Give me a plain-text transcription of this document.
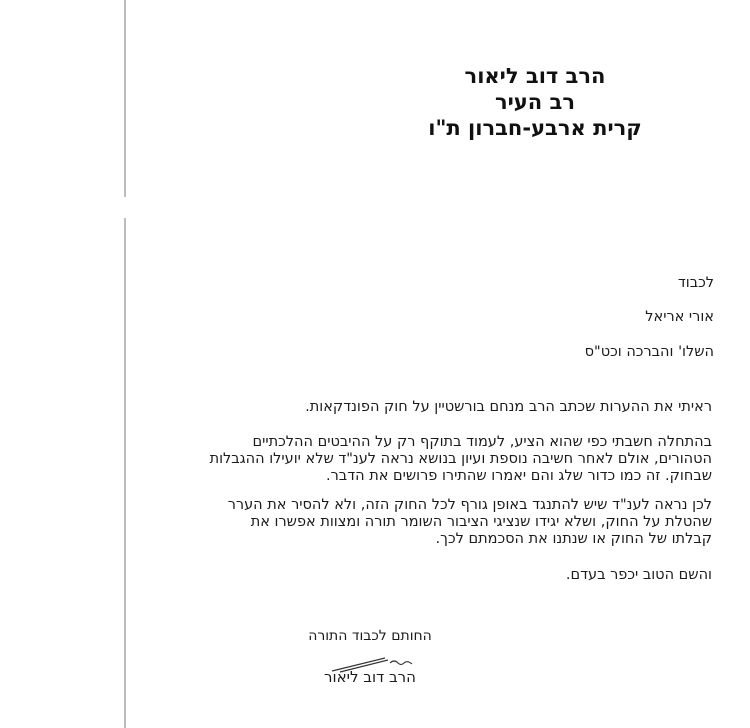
הרב דוב ליאור
רב העיר
קרית ארבע-חברון ת"ו
לכבוד
אורי אריאל
השלו' והברכה וכט"ס
ראיתי את ההערות שכתב הרב מנחם בורשטיין על חוק הפונדקאות.
בהתחלה חשבתי כפי שהוא הציע, לעמוד בתוקף רק על ההיבטים ההלכתיים
הטהורים, אולם לאחר חשיבה נוספת ועיון בנושא נראה לענ"ד שלא יועילו ההגבלות
שבחוק. זה כמו כדור שלג והם יאמרו שהתירו פרושים את הדבר.
לכן נראה לענ"ד שיש להתנגד באופן גורף לכל החוק הזה, ולא להסיר את הערר
שהטלת על החוק, ושלא יגידו שנציגי הציבור השומר תורה ומצוות אפשרו את
קבלתו של החוק או שנתנו את הסכמתם לכך.
והשם הטוב יכפר בעדם.
החותם לכבוד התורה
הרב דוב ליאור
